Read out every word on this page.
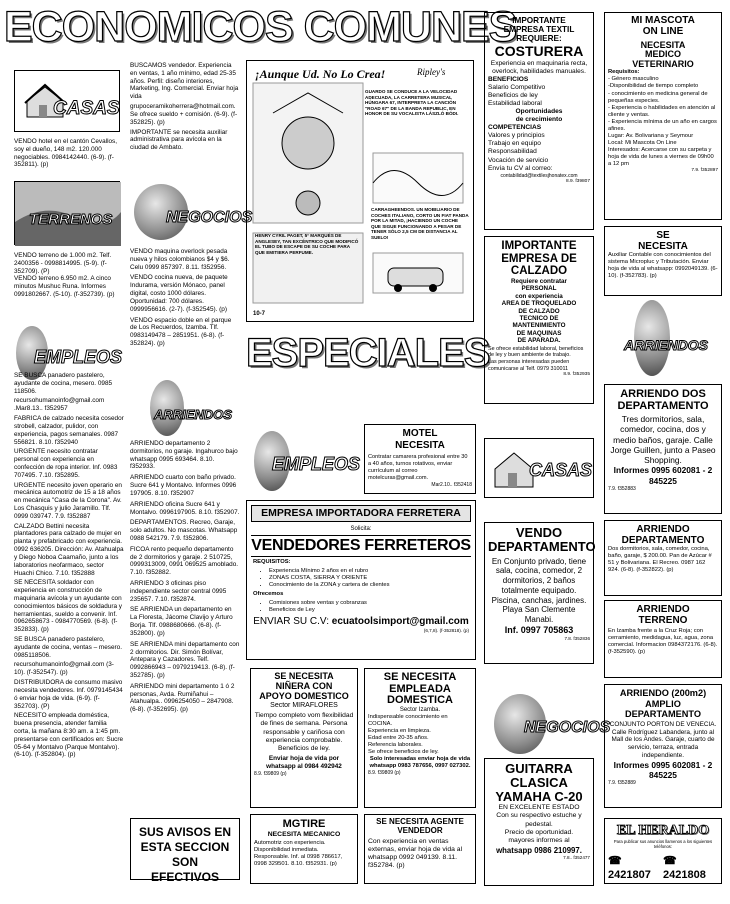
ECONOMICOS COMUNES
ESPECIALES
CASAS
VENDO hotel en el cantón Cevallos, soy el dueño, 148 m2. 120.000 negociables. 0984142440. (6-9). (f-352811). (p)
TERRENOS
VENDO terreno de 1.000 m2. Telf. 2400356 - 0998814995. (5-9). (f-352709). (P)
VENDO terreno 6.950 m2. A cinco minutos Mushuc Runa. Informes 0991802667. (5-10). (f-352739). (p)
EMPLEOS
SE BUSCA panadero pastelero, ayudante de cocina, mesero. 0985 118506.
recursohumanoinfo@gmail.com .Mar8.13.. f352957
FABRICA de calzado necesita cosedor strobell, calzador, pulidor, con experiencia, pagos semanales. 0987 556821. 8.10. f352940
URGENTE necesito contratar personal con experiencia en confección de ropa interior. Inf. 0983 707495. 7.10. f352895.
URGENTE necesito joven operario en mecánica automotriz de 15 a 18 años en mecánica "Casa de la Corona". Av. Los Chasquis y julio Jaramillo. Tlf. 0999 039747. 7.9. f352887
CALZADO Bettini necesita plantadores para calzado de mujer en planta y prefabricado con experiencia. 0992 636205. Dirección: Av. Atahualpa y Diego Noboa Caamaño, junto a los laboratorios neofarmaco, sector Huachi Chico. 7.10. f352888
SE NECESITA soldador con experiencia en construcción de maquinaria avícola y un ayudante con conocimientos básicos de soldadura y herramientas, sueldo a convenir. Inf. 0962658673 - 0984770569. (6-8). (f-352833). (p)
SE BUSCA panadero pastelero, ayudante de cocina, ventas – mesero. 0985118506.
recursohumanoinfo@gmail.com (3-10). (f-352547). (p)
DISTRIBUIDORA de consumo masivo necesita vendedores. Inf. 0979145434 ó enviar hoja de vida. (6-9). (f-352703). (P)
NECESITO empleada doméstica, buena presencia, atender familia corta, la mañana 8:30 am. a 1:45 pm. presentarse con certificados en: Sucre 05-64 y Montalvo (Parque Montalvo). (6-10). (f-352804). (p)
BUSCAMOS vendedor. Experiencia en ventas, 1 año mínimo, edad 25-35 años. Perfil: diseño interiores, Marketing, Ing. Comercial. Enviar hoja vida
grupoceramikoherrera@hotmail.com. Se ofrece sueldo + comisión. (6-9). (f-352825). (p)
IMPORTANTE se necesita auxiliar administrativa para avícola en la ciudad de Ambato.
NEGOCIOS
VENDO maquina overlock pesada nueva y hilos colombianos $4 y $6. Celu 0999 857397. 8.11. f352956.
VENDO cocina nueva, de paquete Indurama, versión Mónaco, panel digital, costo 1000 dólares. Oportunidad: 700 dólares. 0999956616. (2-7). (f-352545). (p)
VENDO espacio doble en el parque de Los Recuerdos, Izamba. Tlf. 0983149478 – 2851951. (6-8). (f-352824). (p)
ARRIENDOS
ARRIENDO departamento 2 dormitorios, no garaje. Ingahurco bajo whatsapp 0995 693464. 8.10. f352933.
ARRIENDO cuarto con baño privado. Sucre 641 y Montalvo. Informes 0996 197905. 8.10. f352907
ARRIENDO oficina Sucre 641 y Montalvo. 0996197905. 8.10. f352907.
DEPARTAMENTOS. Recreo, Garaje, solo adultos. No mascotas. Whatsapp 0988 542179. 7.9. f352806.
FICOA rento pequeño departamento de 2 dormitorios y garaje. 2 510725, 0999313009, 0991 069525 amoblado. 7.10. f352882.
ARRIENDO 3 oficinas piso independiente sector central 0995 235657. 7.10. f352874.
SE ARRIENDA un departamento en La Floresta, Jácome Clavijo y Arturo Borja. Tlf. 0988680666. (6-8). (f-352800). (p)
SE ARRIENDA mini departamento con 2 dormitorios. Dir. Simón Bolívar, Antepara y Cazadores. Telf. 0992866943 – 0979219413. (6-8). (f-352785). (p)
ARRIENDO mini departamento 1 ó 2 personas, Avda. Rumiñahui – Atahualpa.. 0996254050 – 2847908. (6-8). (f-352695). (p)
SUS AVISOS EN
ESTA SECCION SON
EFECTIVOS
¡Aunque Ud. No Lo Crea!	Ripley's
GUARDO SE CONDUCE A LA VELOCIDAD ADECUADA, LA CARRETERA MUSICAL HÚNGARA 67, INTERPRETA LA CANCIÓN "ROAD 67" DE LA BANDA REPUBLIC, EN HONOR DE SU VOCALISTA LÁSZLÓ BÓDI.
HENRY CYRIL PAGET, 5° MARQUÉS DE ANGLESEY, TAN EXCÉNTRICO QUE MODIFICÓ EL TUBO DE ESCAPE DE SU COCHE PARA QUE EMITIERA PERFUME.
CARRAGHEENDOS. UN MOBILIARIO DE COCHES ITALIANO, CORTO UN FIAT PANDA POR LA MITAD, ¡HACIENDO UN COCHE QUE SIGUE FUNCIONANDO A PESAR DE TENER SÓLO 2,5 CM DE DISTANCIA AL SUELO!
10-7
EMPLEOS
MOTEL
NECESITA
Contratar camarera profesional entre 30 a 40 años, turnos rotativos, enviar currículum al correo motelcuras@gmail.com.
Mar2.10.. f352418
EMPRESA IMPORTADORA FERRETERA
Solicita:
VENDEDORES FERRETEROS
REQUISITOS:
• Experiencia Mínimo 2 años en el rubro
• ZONAS COSTA, SIERRA Y ORIENTE
• Conocimiento de la ZONA y cartera de clientes
Ofrecemos
• Comisiones sobre ventas y cobranzas
• Beneficios de Ley
ENVIAR SU C.V: ecuatoolsimport@gmail.com
(6,7,8). (f-352818). (p)
SE NECESITA
NIÑERA CON
APOYO DOMESTICO
Sector MIRAFLORES
Tiempo completo vom flexibilidad de fines de semana. Persona responsable y cariñosa con experiencia comprobable. Beneficios de ley.
Enviar hoja de vida por whatsapp al 0984 492942
8.9. f39809 (p)
SE NECESITA
EMPLEADA
DOMESTICA
Sector Izamba.
Indispensable conocimiento en COCINA.
Experiencia en limpieza.
Edad entre 20-35 años.
Referencia laborales.
Se ofrece beneficios de ley.
Solo interesadas enviar hoja de vida whatsapp 0983 787656, 0997 027302.
8.9. f39809 (p)
MGTIRE
NECESITA MECANICO
Automotriz con experiencia. Disponibilidad inmediata. Responsable. Inf. al 0998 786617, 0998 329501. 8.10. f352931. (p)
SE NECESITA AGENTE
VENDEDOR
Con experiencia en ventas externas, enviar hoja de vida al whatsapp 0992 049139. 8.11. f352784. (p)
IMPORTANTE
EMPRESA TEXTIL
REQUIERE:
COSTURERA
Experiencia en maquinaria recta, overlock, habilidades manuales.
BENEFICIOS
Salario Competitivo
Beneficios de ley
Estabilidad laboral
Oportunidades
de crecimiento
COMPETENCIAS
Valores y principios
Trabajo en equipo
Responsabilidad
Vocación de servicio
Envía tu CV al correo:
contabilidad@textilesjhonatex.com
8.9. f39807
IMPORTANTE
EMPRESA DE
CALZADO
Requiere contratar
PERSONAL
con experiencia
AREA DE TROQUELADO
DE CALZADO
TECNICO DE
MANTENIMIENTO
DE MAQUINAS
DE APARADA.
Se ofrece estabilidad laboral, beneficios de ley y buen ambiente de trabajo.
Las personas interesadas pueden comunicarse al Telf. 0979 310011
8.9. f352935
CASAS
VENDO
DEPARTAMENTO
En Conjunto privado, tiene sala, cocina, comedor, 2 dormitorios, 2 baños totalmente equipado. Piscina, canchas, jardines. Playa San Clemente Manabi.
Inf. 0997 705863
7.8. f352836
NEGOCIOS
GUITARRA
CLASICA
YAMAHA C-20
EN EXCELENTE ESTADO
Con su respectivo estuche y pedestal.
Precio de oportunidad.
mayores informes al
whatsapp 0986 210997.
7.8.. f352477
MI MASCOTA
ON LINE
NECESITA
MEDICO
VETERINARIO
Requisitos:
- Género masculino
-Disponibilidad de tiempo completo
- conocimiento en medicina general de pequeñas especies.
- Experiencia o habilidades en atención al cliente y ventas.
- Experiencia mínima de un año en cargos afines.
Lugar: Av. Bolivariana y Seymour
Local: Mi Mascota On Line
Interesados: Acercarse con su carpeta y hoja de vida de lunes a viernes de 09h00 a 12 pm
7.9. f352897
SE
NECESITA
Auxiliar Contable con conocimientos del sistema Micropluс y Tributación. Enviar hoja de vida al whatsapp: 0992049139. (6-10). (f-352783). (p)
ARRIENDOS
ARRIENDO DOS
DEPARTAMENTO
Tres dormitorios, sala, comedor, cocina, dos y medio baños, garaje. Calle Jorge Guillen, junto a Paseo Shopping.
Informes 0995 602081 - 2 845225
7.9. f352883
ARRIENDO
DEPARTAMENTO
Dos dormitorios, sala, comedor, cocina, baño, garaje, $ 200.00. Pan de Azúcar # 51 y Bolivariana. El Recreo. 0987 162 924. (6-8). (f-352822). (p)
ARRIENDO
TERRENO
En Izamba frente a la Cruz Roja; con cerramiento, medidaguа, luz, agua, zona comercial. Informacion 0984372176. (6-8). (f-352590). (p)
ARRIENDO (200m2)
AMPLIO
DEPARTAMENTO
CONJUNTO PORTON DE VENECIA. Calle Rodríguez Labandera, junto al Mall de los Andes. Garaje, cuarto de servicio, terraza, entrada independiente.
Informes 0995 602081 - 2 845225
7.9. f352889
EL HERALDO
Para publicar sus anuncios llamenos a los siguientes teléfonos:
☎ 2421807
☎ 2421808
